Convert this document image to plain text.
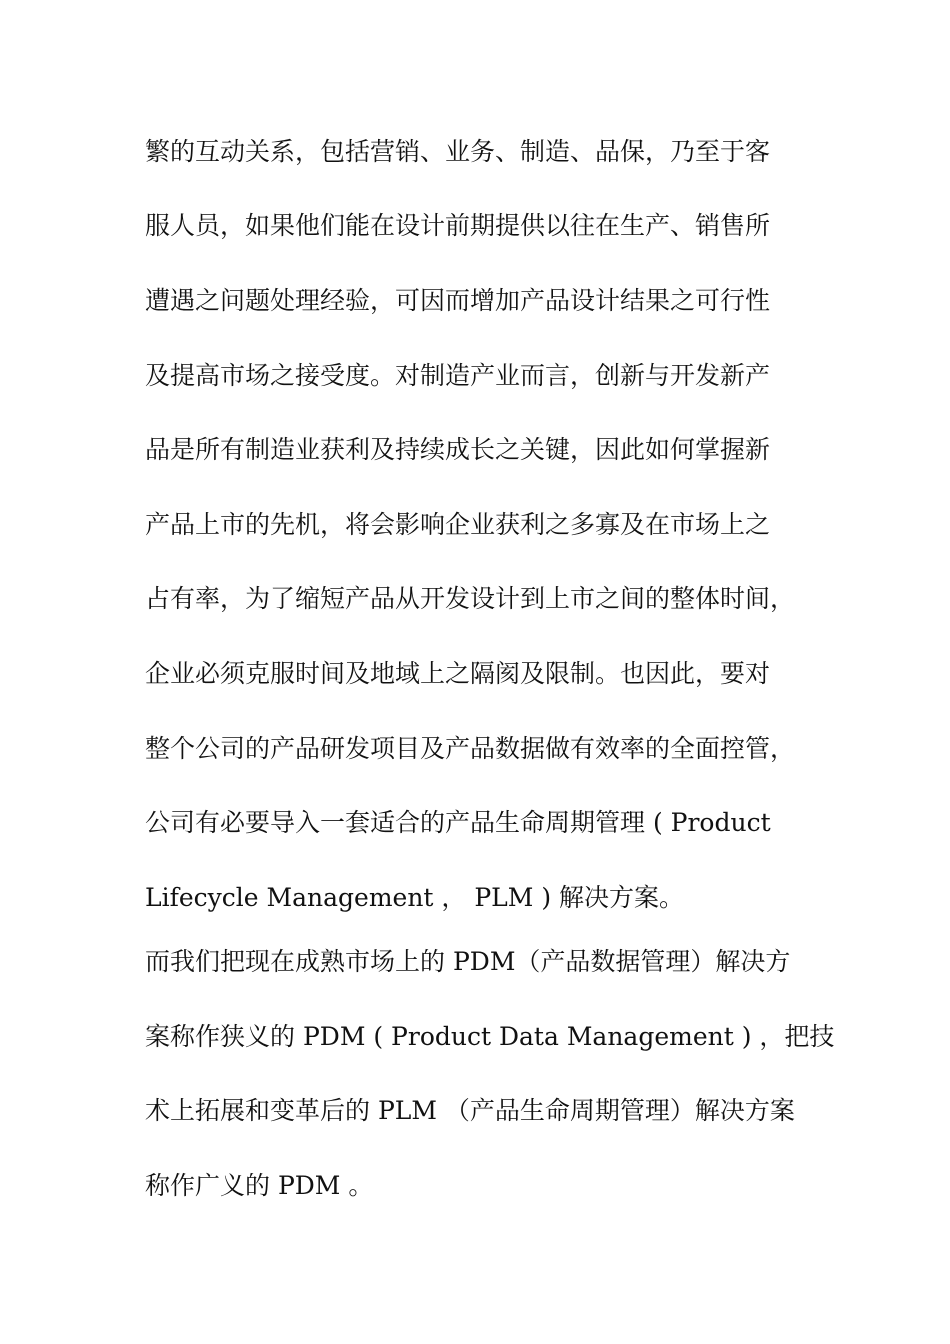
繁的互动关系，包括营销、业务、制造、品保，乃至于客
服人员，如果他们能在设计前期提供以往在生产、销售所
遭遇之问题处理经验，可因而增加产品设计结果之可行性
及提高市场之接受度。对制造产业而言，创新与开发新产
品是所有制造业获利及持续成长之关键，因此如何掌握新
产品上市的先机，将会影响企业获利之多寡及在市场上之
占有率，为了缩短产品从开发设计到上市之间的整体时间，
企业必须克服时间及地域上之隔阂及限制。也因此，要对
整个公司的产品研发项目及产品数据做有效率的全面控管，
公司有必要导入一套适合的产品生命周期管理 ( Product
Lifecycle Management ， PLM ) 解决方案。
而我们把现在成熟市场上的 PDM（产品数据管理）解决方
案称作狭义的 PDM ( Product Data Management ) ，把技
术上拓展和变革后的 PLM （产品生命周期管理）解决方案
称作广义的 PDM 。
